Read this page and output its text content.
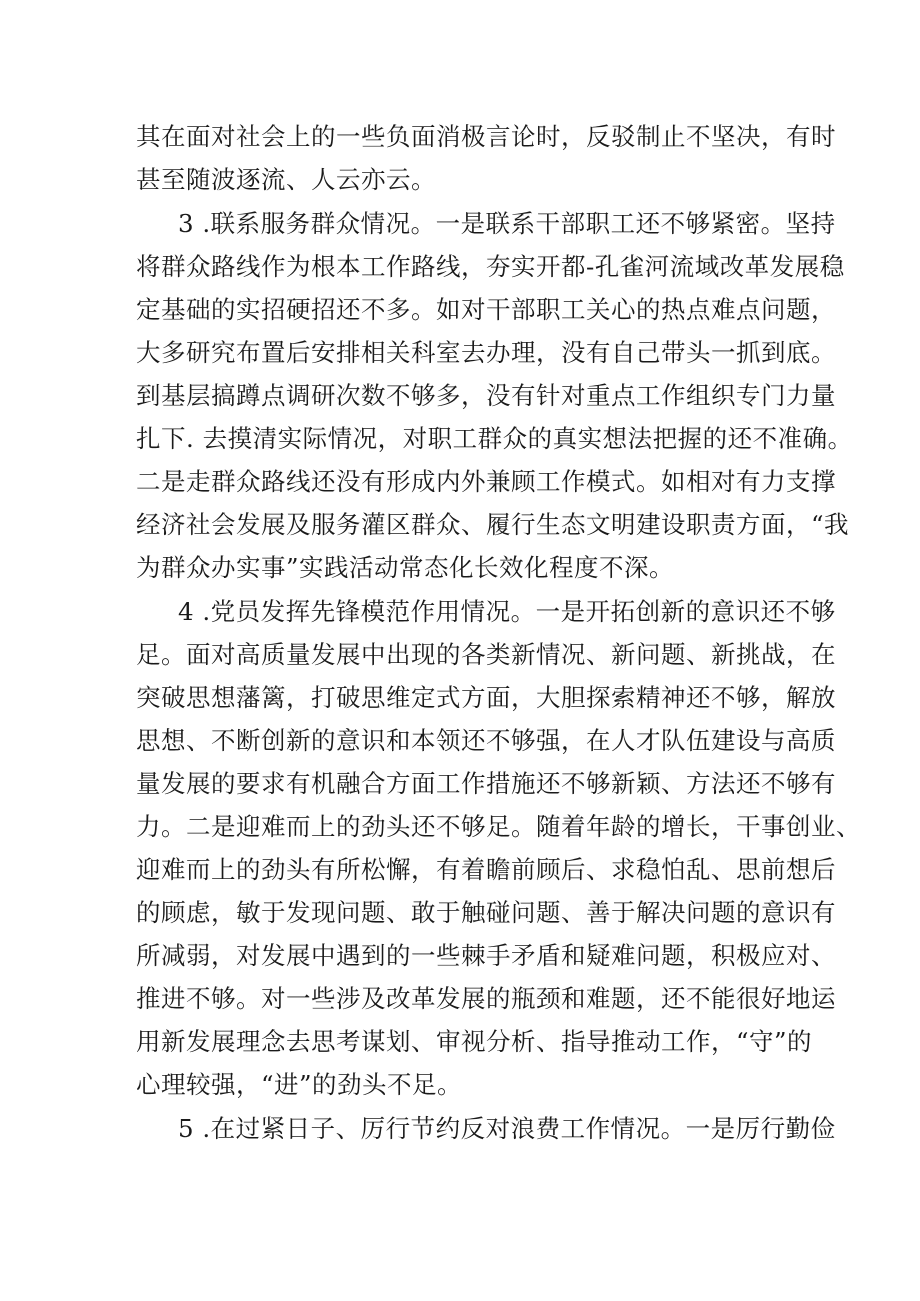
其在面对社会上的一些负面消极言论时，反驳制止不坚决，有时
甚至随波逐流、人云亦云。
3 .联系服务群众情况。一是联系干部职工还不够紧密。坚持
将群众路线作为根本工作路线，夯实开都-孔雀河流域改革发展稳
定基础的实招硬招还不多。如对干部职工关心的热点难点问题，
大多研究布置后安排相关科室去办理，没有自己带头一抓到底。
到基层搞蹲点调研次数不够多，没有针对重点工作组织专门力量
扎下. 去摸清实际情况，对职工群众的真实想法把握的还不准确。
二是走群众路线还没有形成内外兼顾工作模式。如相对有力支撑
经济社会发展及服务灌区群众、履行生态文明建设职责方面，“我
为群众办实事”实践活动常态化长效化程度不深。
4 .党员发挥先锋模范作用情况。一是开拓创新的意识还不够
足。面对高质量发展中出现的各类新情况、新问题、新挑战，在
突破思想藩篱，打破思维定式方面，大胆探索精神还不够，解放
思想、不断创新的意识和本领还不够强，在人才队伍建设与高质
量发展的要求有机融合方面工作措施还不够新颖、方法还不够有
力。二是迎难而上的劲头还不够足。随着年龄的增长，干事创业、
迎难而上的劲头有所松懈，有着瞻前顾后、求稳怕乱、思前想后
的顾虑，敏于发现问题、敢于触碰问题、善于解决问题的意识有
所减弱，对发展中遇到的一些棘手矛盾和疑难问题，积极应对、
推进不够。对一些涉及改革发展的瓶颈和难题，还不能很好地运
用新发展理念去思考谋划、审视分析、指导推动工作，“守”的
心理较强，“进”的劲头不足。
5 .在过紧日子、厉行节约反对浪费工作情况。一是厉行勤俭
